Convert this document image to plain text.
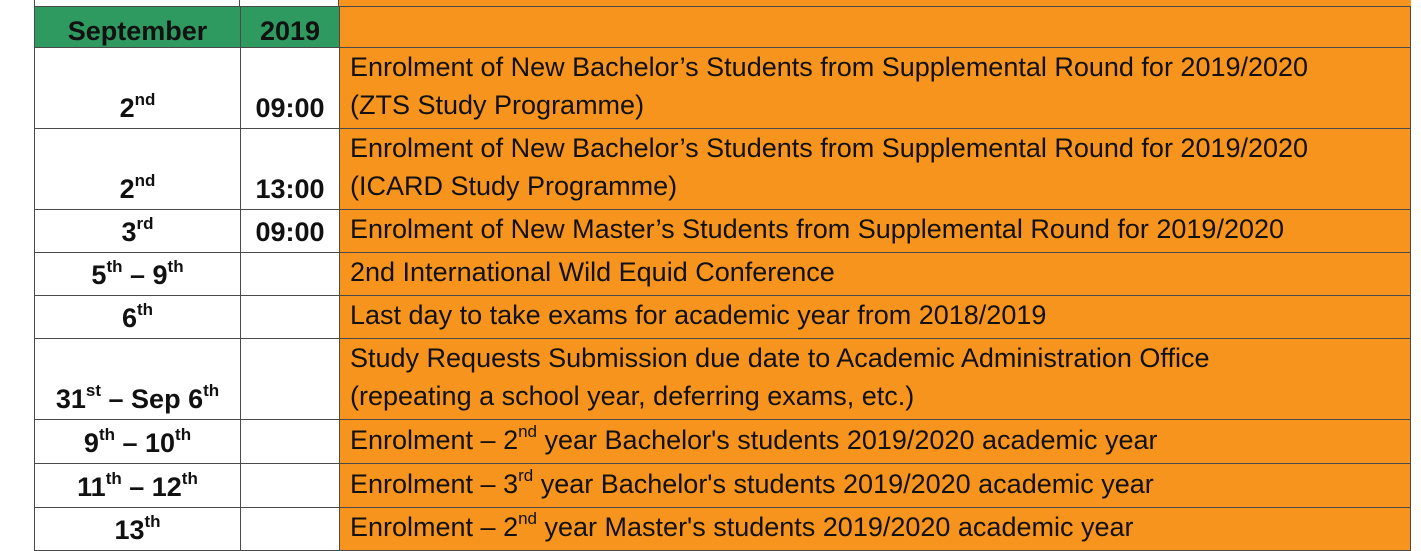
September	2019	
2nd	09:00	Enrolment of New Bachelor’s Students from Supplemental Round for 2019/2020
(ZTS Study Programme)

2nd	13:00	Enrolment of New Bachelor’s Students from Supplemental Round for 2019/2020
(ICARD Study Programme)

3rd	09:00	Enrolment of New Master’s Students from Supplemental Round for 2019/2020

5th – 9th		2nd International Wild Equid Conference

6th		Last day to take exams for academic year from 2018/2019

31st – Sep 6th		Study Requests Submission due date to Academic Administration Office
(repeating a school year, deferring exams, etc.)

9th – 10th		Enrolment – 2nd year Bachelor's students 2019/2020 academic year

11th – 12th		Enrolment – 3rd year Bachelor's students 2019/2020 academic year

13th		Enrolment – 2nd year Master's students 2019/2020 academic year
